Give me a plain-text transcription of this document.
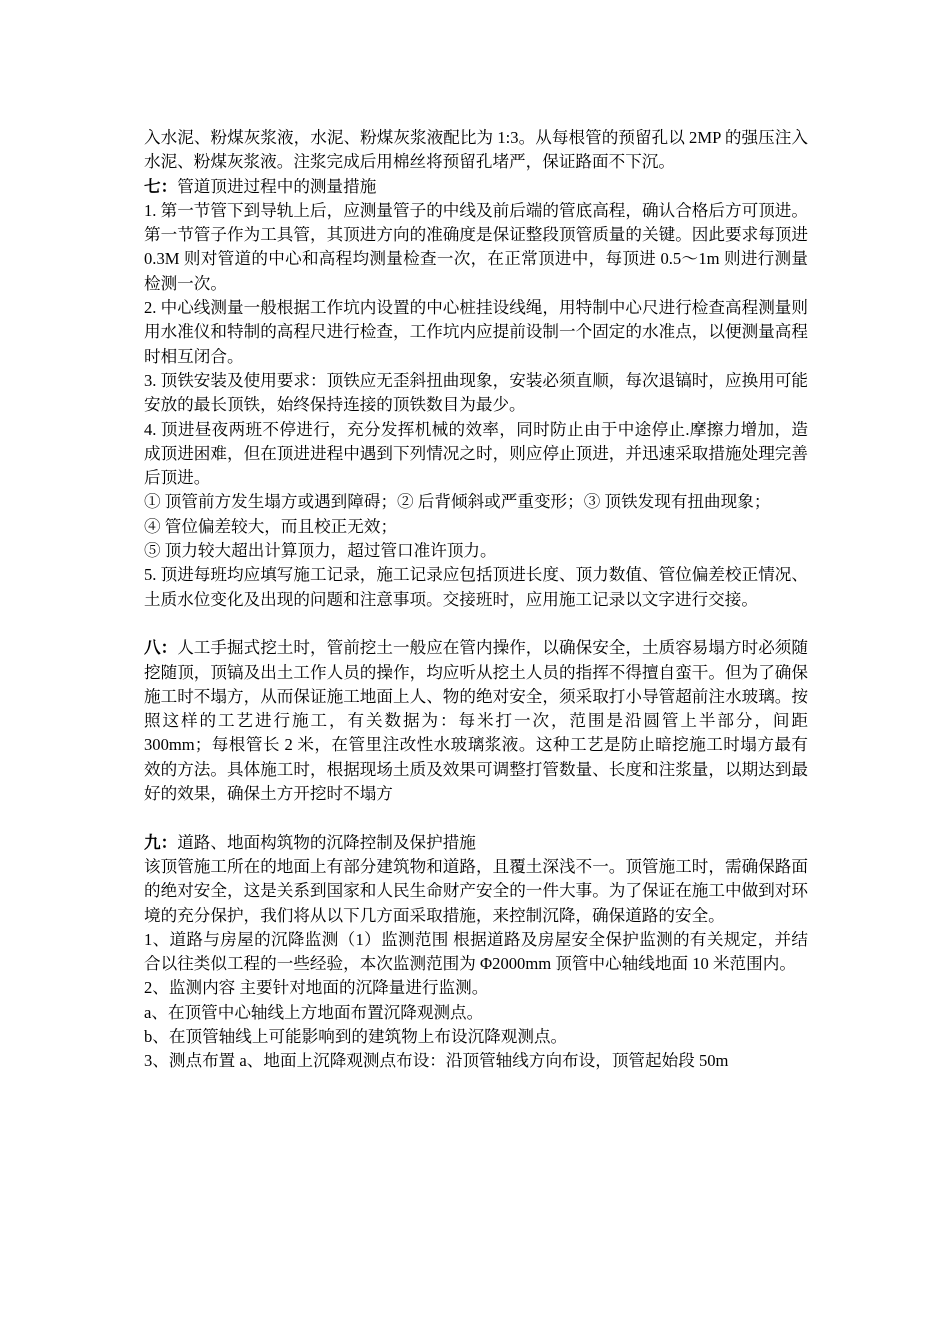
入水泥、粉煤灰浆液，水泥、粉煤灰浆液配比为 1:3。从每根管的预留孔以 2MP 的强压注入水泥、粉煤灰浆液。注浆完成后用棉丝将预留孔堵严，保证路面不下沉。

七：管道顶进过程中的测量措施

1. 第一节管下到导轨上后，应测量管子的中线及前后端的管底高程，确认合格后方可顶进。第一节管子作为工具管，其顶进方向的准确度是保证整段顶管质量的关键。因此要求每顶进 0.3M 则对管道的中心和高程均测量检查一次，在正常顶进中，每顶进 0.5～1m 则进行测量检测一次。

2. 中心线测量一般根据工作坑内设置的中心桩挂设线绳，用特制中心尺进行检查高程测量则用水准仪和特制的高程尺进行检查，工作坑内应提前设制一个固定的水准点，以便测量高程时相互闭合。

3. 顶铁安装及使用要求：顶铁应无歪斜扭曲现象，安装必须直顺，每次退镐时，应换用可能安放的最长顶铁，始终保持连接的顶铁数目为最少。

4. 顶进昼夜两班不停进行，充分发挥机械的效率，同时防止由于中途停止.摩擦力增加，造成顶进困难，但在顶进进程中遇到下列情况之时，则应停止顶进，并迅速采取措施处理完善后顶进。

① 顶管前方发生塌方或遇到障碍；② 后背倾斜或严重变形；③ 顶铁发现有扭曲现象；

④ 管位偏差较大，而且校正无效；

⑤ 顶力较大超出计算顶力，超过管口准许顶力。

5. 顶进每班均应填写施工记录，施工记录应包括顶进长度、顶力数值、管位偏差校正情况、土质水位变化及出现的问题和注意事项。交接班时，应用施工记录以文字进行交接。

八：人工手掘式挖土时，管前挖土一般应在管内操作，以确保安全，土质容易塌方时必须随挖随顶，顶镐及出土工作人员的操作，均应听从挖土人员的指挥不得擅自蛮干。但为了确保施工时不塌方，从而保证施工地面上人、物的绝对安全，须采取打小导管超前注水玻璃。按照这样的工艺进行施工，有关数据为：每米打一次，范围是沿圆管上半部分，间距 300mm；每根管长 2 米，在管里注改性水玻璃浆液。这种工艺是防止暗挖施工时塌方最有效的方法。具体施工时，根据现场土质及效果可调整打管数量、长度和注浆量，以期达到最好的效果，确保土方开挖时不塌方

九：道路、地面构筑物的沉降控制及保护措施

该顶管施工所在的地面上有部分建筑物和道路，且覆土深浅不一。顶管施工时，需确保路面的绝对安全，这是关系到国家和人民生命财产安全的一件大事。为了保证在施工中做到对环境的充分保护，我们将从以下几方面采取措施，来控制沉降，确保道路的安全。

1、道路与房屋的沉降监测（1）监测范围 根据道路及房屋安全保护监测的有关规定，并结合以往类似工程的一些经验，本次监测范围为 Φ2000mm 顶管中心轴线地面 10 米范围内。

2、监测内容 主要针对地面的沉降量进行监测。

a、在顶管中心轴线上方地面布置沉降观测点。

b、在顶管轴线上可能影响到的建筑物上布设沉降观测点。

3、测点布置 a、地面上沉降观测点布设：沿顶管轴线方向布设，顶管起始段 50m
